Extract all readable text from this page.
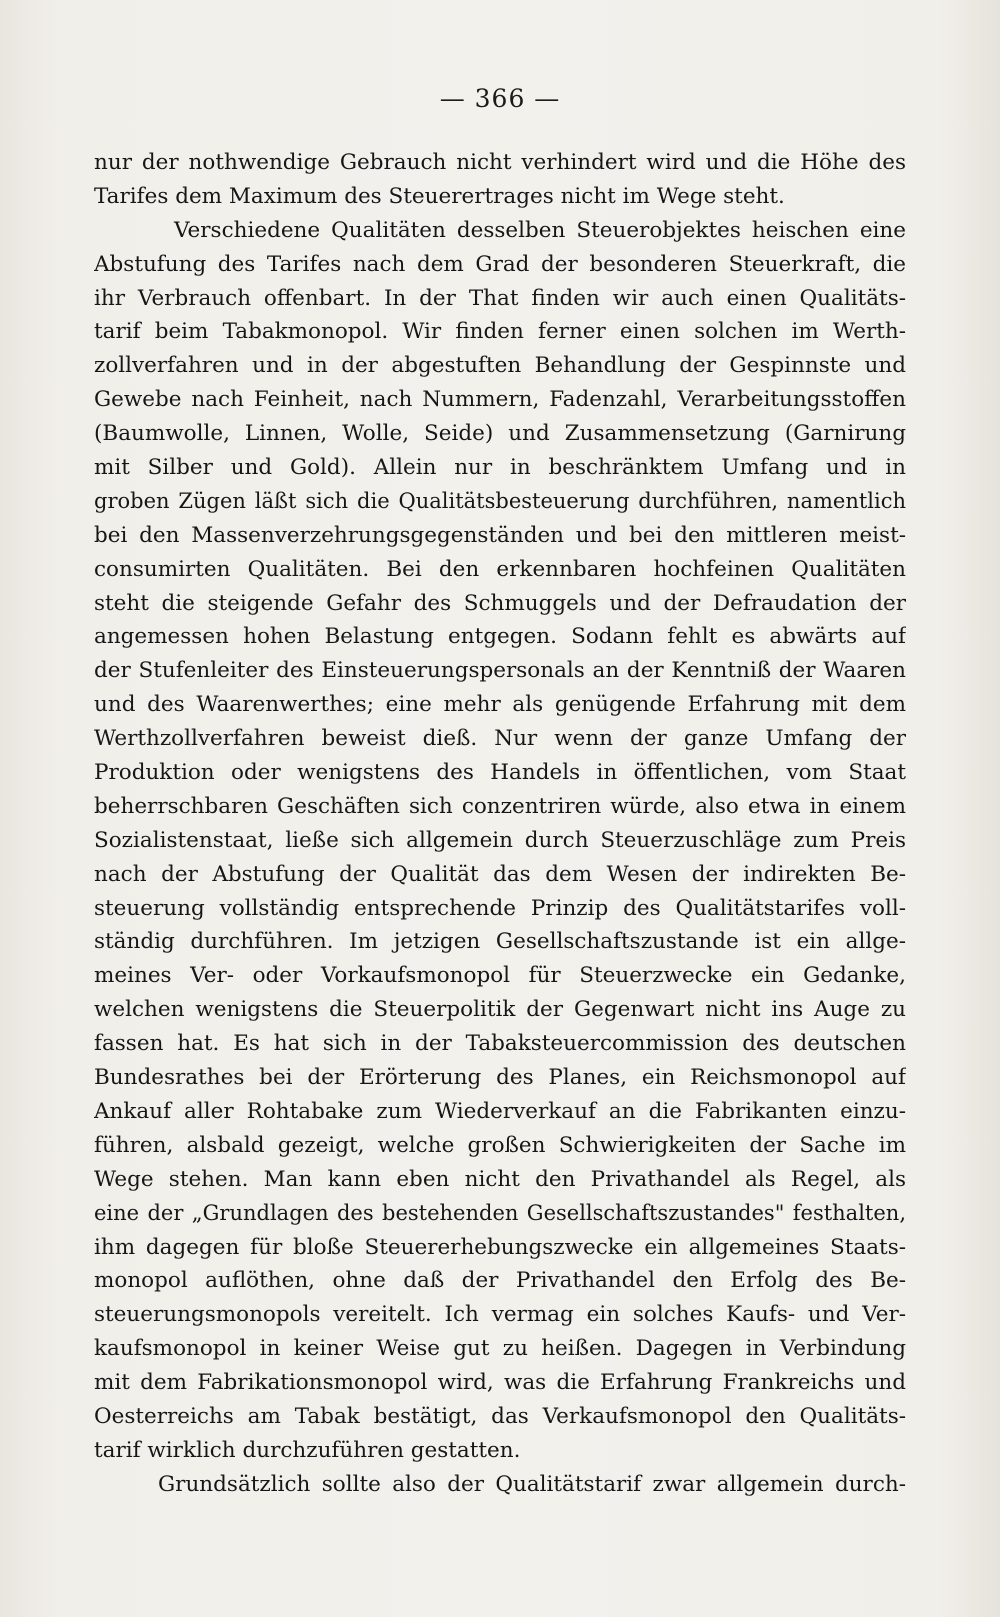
— 366 —
nur der nothwendige Gebrauch nicht verhindert wird und die Höhe des
Tarifes dem Maximum des Steuerertrages nicht im Wege steht.
Verschiedene Qualitäten desselben Steuerobjektes heischen eine
Abstufung des Tarifes nach dem Grad der besonderen Steuerkraft, die
ihr Verbrauch offenbart. In der That finden wir auch einen Qualitäts-
tarif beim Tabakmonopol. Wir finden ferner einen solchen im Werth-
zollverfahren und in der abgestuften Behandlung der Gespinnste und
Gewebe nach Feinheit, nach Nummern, Fadenzahl, Verarbeitungsstoffen
(Baumwolle, Linnen, Wolle, Seide) und Zusammensetzung (Garnirung
mit Silber und Gold). Allein nur in beschränktem Umfang und in
groben Zügen läßt sich die Qualitätsbesteuerung durchführen, namentlich
bei den Massenverzehrungsgegenständen und bei den mittleren meist-
consumirten Qualitäten. Bei den erkennbaren hochfeinen Qualitäten
steht die steigende Gefahr des Schmuggels und der Defraudation der
angemessen hohen Belastung entgegen. Sodann fehlt es abwärts auf
der Stufenleiter des Einsteuerungspersonals an der Kenntniß der Waaren
und des Waarenwerthes; eine mehr als genügende Erfahrung mit dem
Werthzollverfahren beweist dieß. Nur wenn der ganze Umfang der
Produktion oder wenigstens des Handels in öffentlichen, vom Staat
beherrschbaren Geschäften sich conzentriren würde, also etwa in einem
Sozialistenstaat, ließe sich allgemein durch Steuerzuschläge zum Preis
nach der Abstufung der Qualität das dem Wesen der indirekten Be-
steuerung vollständig entsprechende Prinzip des Qualitätstarifes voll-
ständig durchführen. Im jetzigen Gesellschaftszustande ist ein allge-
meines Ver- oder Vorkaufsmonopol für Steuerzwecke ein Gedanke,
welchen wenigstens die Steuerpolitik der Gegenwart nicht ins Auge zu
fassen hat. Es hat sich in der Tabaksteuercommission des deutschen
Bundesrathes bei der Erörterung des Planes, ein Reichsmonopol auf
Ankauf aller Rohtabake zum Wiederverkauf an die Fabrikanten einzu-
führen, alsbald gezeigt, welche großen Schwierigkeiten der Sache im
Wege stehen. Man kann eben nicht den Privathandel als Regel, als
eine der „Grundlagen des bestehenden Gesellschaftszustandes" festhalten,
ihm dagegen für bloße Steuererhebungszwecke ein allgemeines Staats-
monopol auflöthen, ohne daß der Privathandel den Erfolg des Be-
steuerungsmonopols vereitelt. Ich vermag ein solches Kaufs- und Ver-
kaufsmonopol in keiner Weise gut zu heißen. Dagegen in Verbindung
mit dem Fabrikationsmonopol wird, was die Erfahrung Frankreichs und
Oesterreichs am Tabak bestätigt, das Verkaufsmonopol den Qualitäts-
tarif wirklich durchzuführen gestatten.
Grundsätzlich sollte also der Qualitätstarif zwar allgemein durch-
